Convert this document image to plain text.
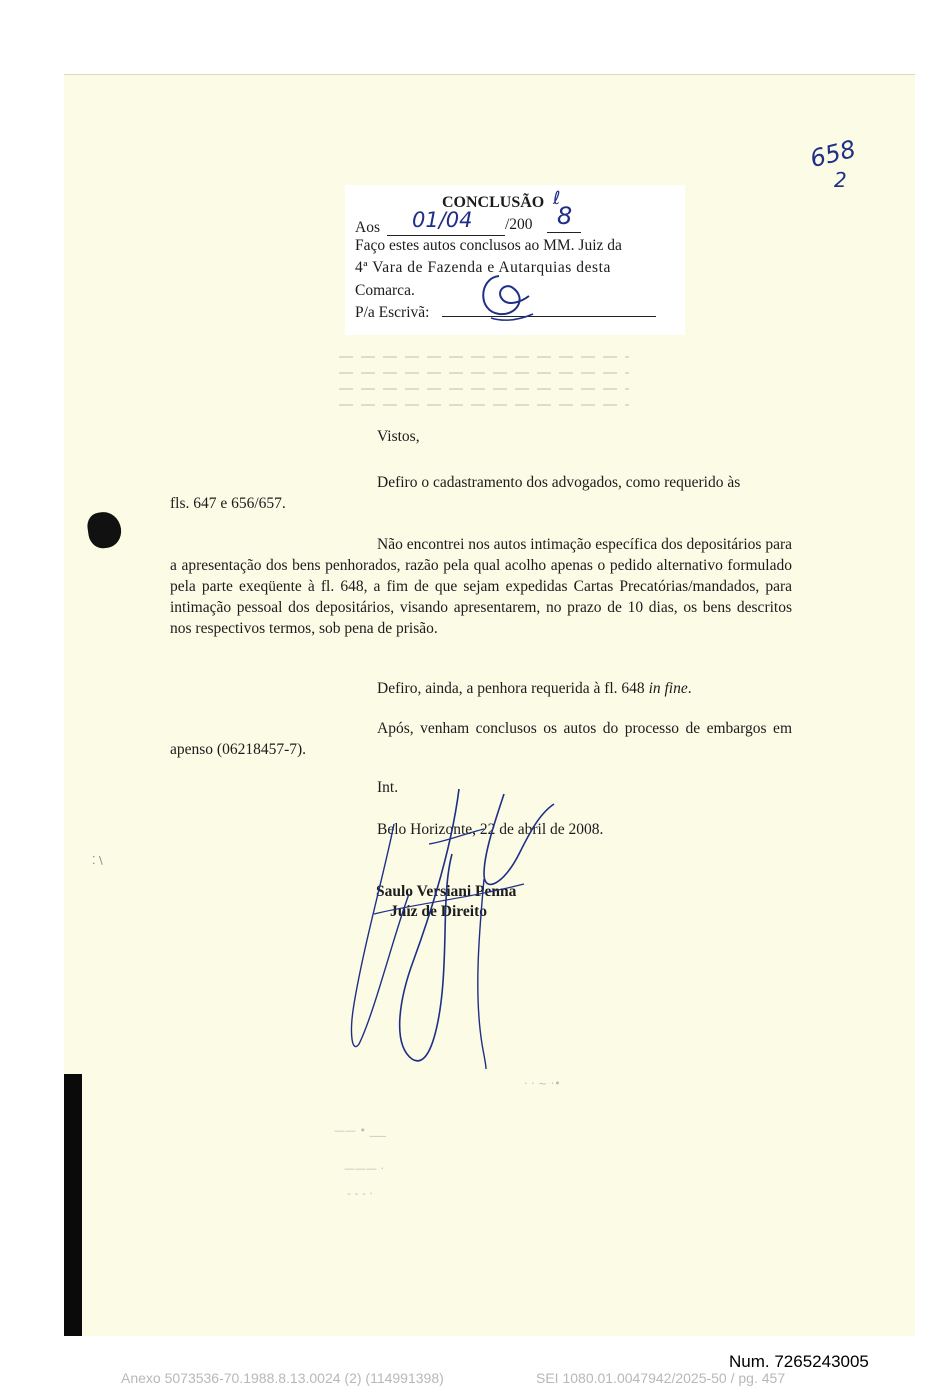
658
2
CONCLUSÃO ℓ
Aos 01/04 /200 8
Faço estes autos conclusos ao MM. Juiz da
4ª Vara de Fazenda e Autarquias desta
Comarca.
P/a Escrivã:
Vistos,
Defiro o cadastramento dos advogados, como requerido às
fls. 647 e 656/657.
Não encontrei nos autos intimação específica dos depositários para a apresentação dos bens penhorados, razão pela qual acolho apenas o pedido alternativo formulado pela parte exeqüente à fl. 648, a fim de que sejam expedidas Cartas Precatórias/mandados, para intimação pessoal dos depositários, visando apresentarem, no prazo de 10 dias, os bens descritos nos respectivos termos, sob pena de prisão.
Defiro, ainda, a penhora requerida à fl. 648 in fine.
Após, venham conclusos os autos do processo de embargos em apenso (06218457-7).
Int.
Belo Horizonte, 22 de abril de 2008.
Saulo Versiani Penna
Juiz de Direito
· · ~ ·•
—— • ___
——— ·
- - - ·
⁚ \
Num. 7265243005
Anexo 5073536-70.1988.8.13.0024 (2) (114991398)	SEI 1080.01.0047942/2025-50 / pg. 457
